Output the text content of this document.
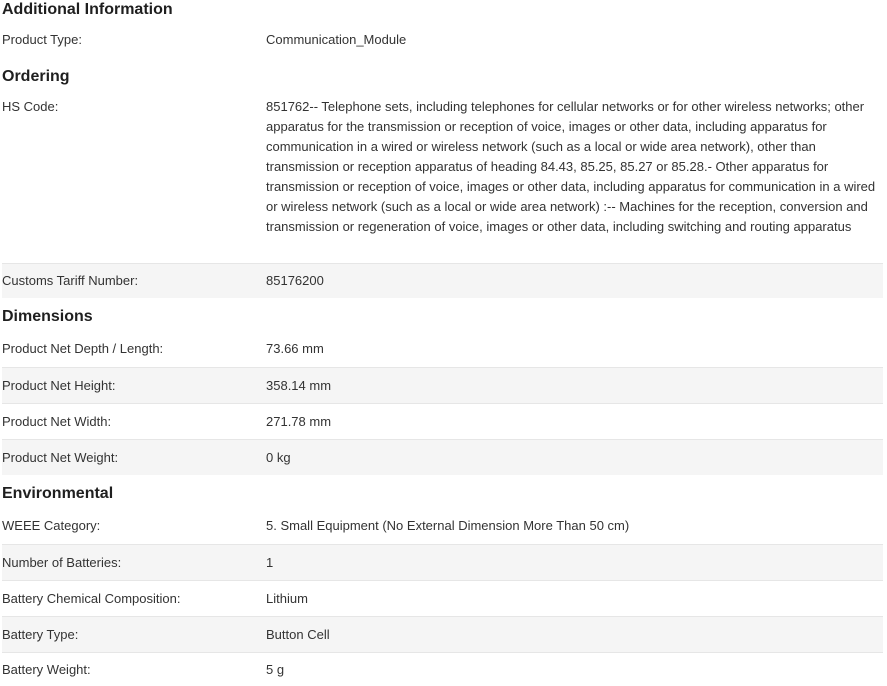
Additional Information
Product Type:	Communication_Module
Ordering
HS Code:	851762-- Telephone sets, including telephones for cellular networks or for other wireless networks; other apparatus for the transmission or reception of voice, images or other data, including apparatus for communication in a wired or wireless network (such as a local or wide area network), other than transmission or reception apparatus of heading 84.43, 85.25, 85.27 or 85.28.- Other apparatus for transmission or reception of voice, images or other data, including apparatus for communication in a wired or wireless network (such as a local or wide area network) :-- Machines for the reception, conversion and transmission or regeneration of voice, images or other data, including switching and routing apparatus
Customs Tariff Number:	85176200
Dimensions
Product Net Depth / Length:	73.66 mm
Product Net Height:	358.14 mm
Product Net Width:	271.78 mm
Product Net Weight:	0 kg
Environmental
WEEE Category:	5. Small Equipment (No External Dimension More Than 50 cm)
Number of Batteries:	1
Battery Chemical Composition:	Lithium
Battery Type:	Button Cell
Battery Weight:	5 g
